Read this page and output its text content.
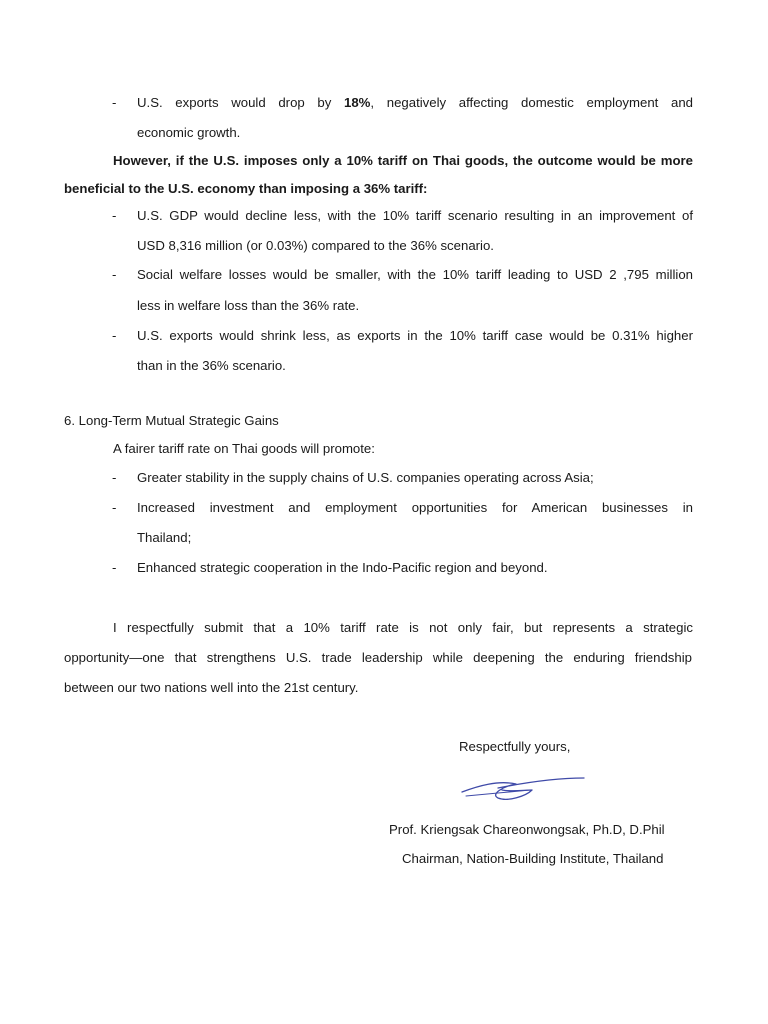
- U.S. exports would drop by 18%, negatively affecting domestic employment and
economic growth.
However, if the U.S. imposes only a 10% tariff on Thai goods, the outcome would be more
beneficial to the U.S. economy than imposing a 36% tariff:
- U.S. GDP would decline less, with the 10% tariff scenario resulting in an improvement of
USD 8,316 million (or 0.03%) compared to the 36% scenario.
- Social welfare losses would be smaller, with the 10% tariff leading to USD 2 ,795 million
less in welfare loss than the 36% rate.
- U.S. exports would shrink less, as exports in the 10% tariff case would be 0.31% higher
than in the 36% scenario.
6. Long-Term Mutual Strategic Gains
A fairer tariff rate on Thai goods will promote:
- Greater stability in the supply chains of U.S. companies operating across Asia;
- Increased investment and employment opportunities for American businesses in
Thailand;
- Enhanced strategic cooperation in the Indo-Pacific region and beyond.
I respectfully submit that a 10% tariff rate is not only fair, but represents a strategic
opportunity—one that strengthens U.S. trade leadership while deepening the enduring friendship
between our two nations well into the 21st century.
Respectfully yours,
Prof. Kriengsak Chareonwongsak, Ph.D, D.Phil
Chairman, Nation-Building Institute, Thailand
